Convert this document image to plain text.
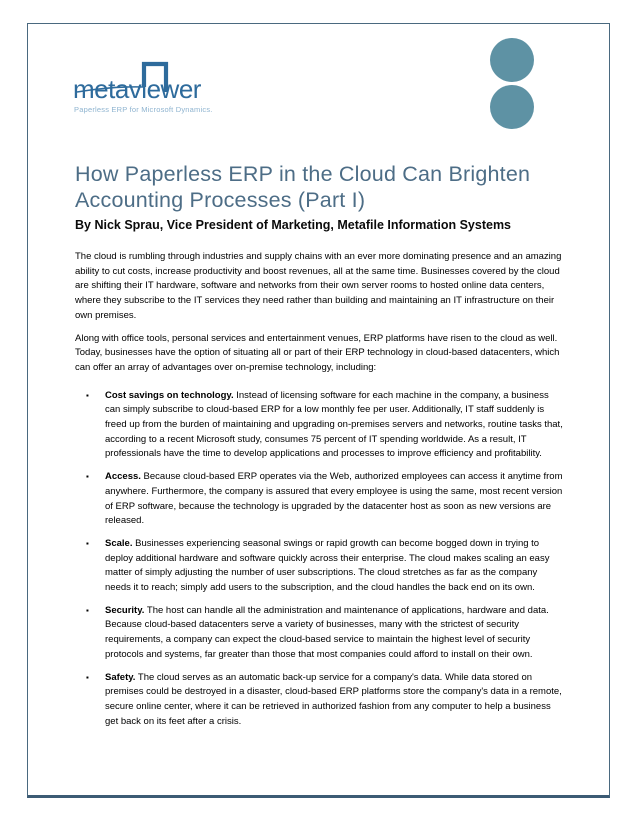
metaviewer
Paperless ERP for Microsoft Dynamics.
How Paperless ERP in the Cloud Can Brighten Accounting Processes (Part I)
By Nick Sprau, Vice President of Marketing, Metafile Information Systems

The cloud is rumbling through industries and supply chains with an ever more dominating presence and an amazing ability to cut costs, increase productivity and boost revenues, all at the same time. Businesses covered by the cloud are shifting their IT hardware, software and networks from their own server rooms to hosted online data centers, where they subscribe to the IT services they need rather than building and maintaining an IT infrastructure on their own premises.

Along with office tools, personal services and entertainment venues, ERP platforms have risen to the cloud as well. Today, businesses have the option of situating all or part of their ERP technology in cloud-based datacenters, which can offer an array of advantages over on-premise technology, including:

▪	Cost savings on technology. Instead of licensing software for each machine in the company, a business can simply subscribe to cloud-based ERP for a low monthly fee per user. Additionally, IT staff suddenly is freed up from the burden of maintaining and upgrading on-premises servers and networks, routine tasks that, according to a recent Microsoft study, consumes 75 percent of IT spending worldwide. As a result, IT professionals have the time to develop applications and processes to improve efficiency and profitability.
▪	Access. Because cloud-based ERP operates via the Web, authorized employees can access it anytime from anywhere. Furthermore, the company is assured that every employee is using the same, most recent version of ERP software, because the technology is upgraded by the datacenter host as soon as new versions are released.
▪	Scale. Businesses experiencing seasonal swings or rapid growth can become bogged down in trying to deploy additional hardware and software quickly across their enterprise. The cloud makes scaling an easy matter of simply adjusting the number of user subscriptions. The cloud stretches as far as the company needs it to reach; simply add users to the subscription, and the cloud handles the back end on its own.
▪	Security. The host can handle all the administration and maintenance of applications, hardware and data. Because cloud-based datacenters serve a variety of businesses, many with the strictest of security requirements, a company can expect the cloud-based service to maintain the highest level of security protocols and systems, far greater than those that most companies could afford to install on their own.
▪	Safety. The cloud serves as an automatic back-up service for a company's data. While data stored on premises could be destroyed in a disaster, cloud-based ERP platforms store the company's data in a remote, secure online center, where it can be retrieved in authorized fashion from any computer to help a business get back on its feet after a crisis.
